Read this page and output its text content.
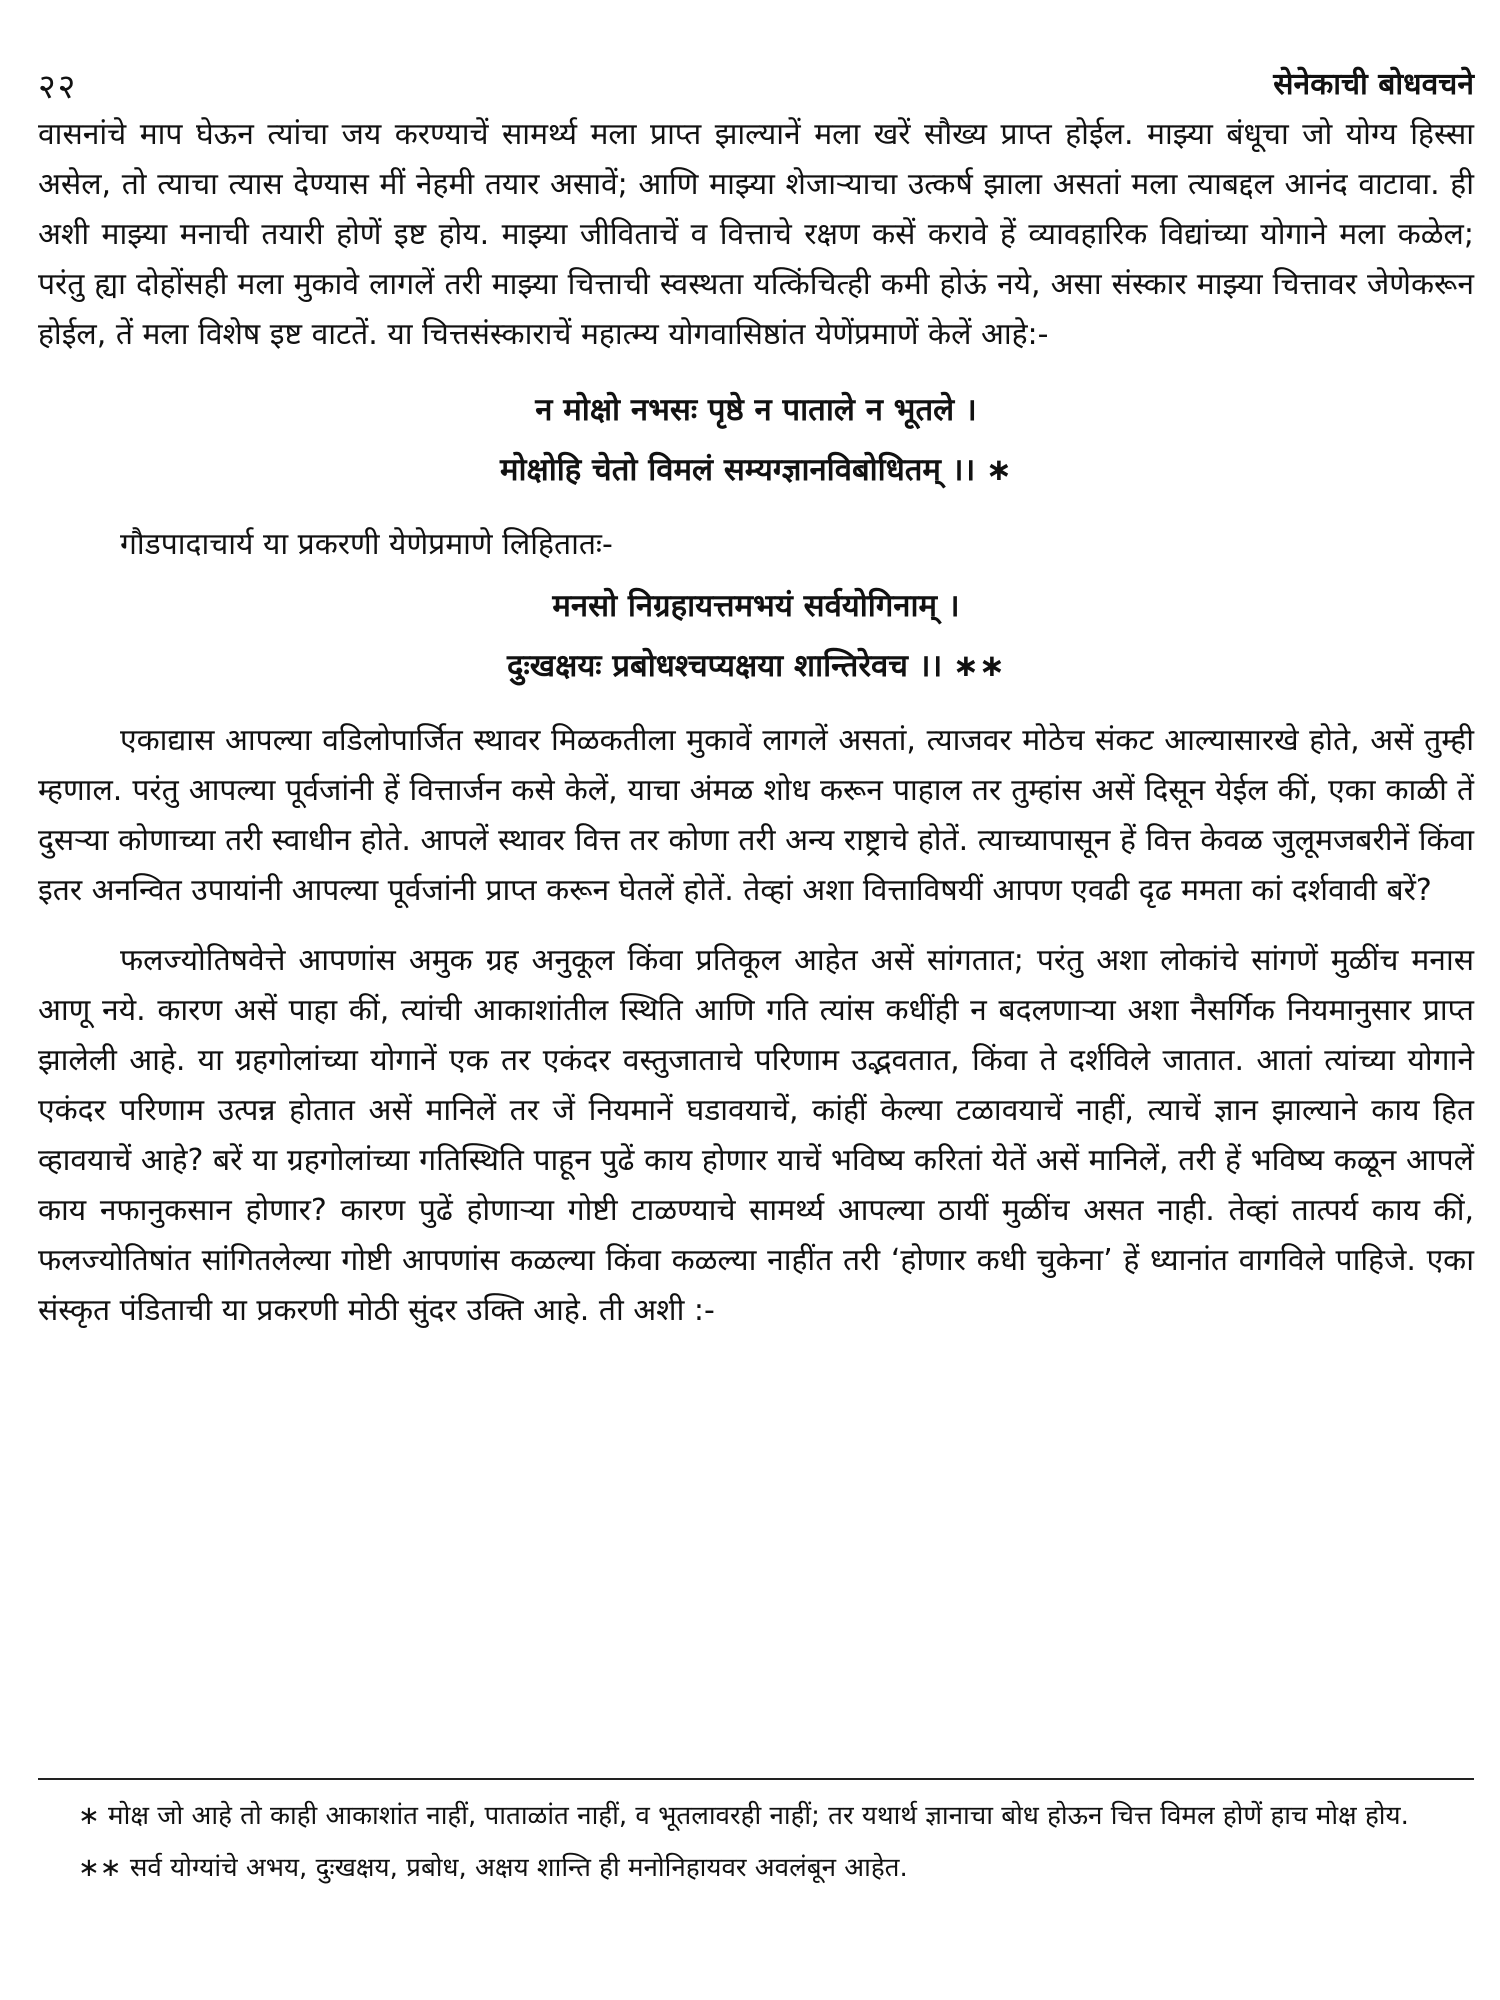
२२	सेनेकाची बोधवचने

वासनांचे माप घेऊन त्यांचा जय करण्याचें सामर्थ्य मला प्राप्त झाल्यानें मला खरें सौख्य प्राप्त होईल. माझ्या बंधूचा जो योग्य हिस्सा असेल, तो त्याचा त्यास देण्यास मीं नेहमी तयार असावें; आणि माझ्या शेजाऱ्याचा उत्कर्ष झाला असतां मला त्याबद्दल आनंद वाटावा. ही अशी माझ्या मनाची तयारी होणें इष्ट होय. माझ्या जीविताचें व वित्ताचे रक्षण कसें करावे हें व्यावहारिक विद्यांच्या योगाने मला कळेल; परंतु ह्या दोहोंसही मला मुकावे लागलें तरी माझ्या चित्ताची स्वस्थता यत्किंचित्ही कमी होऊं नये, असा संस्कार माझ्या चित्तावर जेणेकरून होईल, तें मला विशेष इष्ट वाटतें. या चित्तसंस्काराचें महात्म्य योगवासिष्ठांत येणेंप्रमाणें केलें आहे:-

न मोक्षो नभसः पृष्ठे न पाताले न भूतले ।
मोक्षोहि चेतो विमलं सम्यग्ज्ञानविबोधितम् ।। ∗

गौडपादाचार्य या प्रकरणी येणेप्रमाणे लिहितातः-

मनसो निग्रहायत्तमभयं सर्वयोगिनाम् ।
दुःखक्षयः प्रबोधश्चप्यक्षया शान्तिरेवच ।। ∗∗

एकाद्यास आपल्या वडिलोपार्जित स्थावर मिळकतीला मुकावें लागलें असतां, त्याजवर मोठेच संकट आल्यासारखे होते, असें तुम्ही म्हणाल. परंतु आपल्या पूर्वजांनी हें वित्तार्जन कसे केलें, याचा अंमळ शोध करून पाहाल तर तुम्हांस असें दिसून येईल कीं, एका काळी तें दुसऱ्या कोणाच्या तरी स्वाधीन होते. आपलें स्थावर वित्त तर कोणा तरी अन्य राष्ट्राचे होतें. त्याच्यापासून हें वित्त केवळ जुलूमजबरीनें किंवा इतर अनन्वित उपायांनी आपल्या पूर्वजांनी प्राप्त करून घेतलें होतें. तेव्हां अशा वित्ताविषयीं आपण एवढी दृढ ममता कां दर्शवावी बरें?

फलज्योतिषवेत्ते आपणांस अमुक ग्रह अनुकूल किंवा प्रतिकूल आहेत असें सांगतात; परंतु अशा लोकांचे सांगणें मुळींच मनास आणू नये. कारण असें पाहा कीं, त्यांची आकाशांतील स्थिति आणि गति त्यांस कधींही न बदलणाऱ्या अशा नैसर्गिक नियमानुसार प्राप्त झालेली आहे. या ग्रहगोलांच्या योगानें एक तर एकंदर वस्तुजाताचे परिणाम उद्भवतात, किंवा ते दर्शविले जातात. आतां त्यांच्या योगाने एकंदर परिणाम उत्पन्न होतात असें मानिलें तर जें नियमानें घडावयाचें, कांहीं केल्या टळावयाचें नाहीं, त्याचें ज्ञान झाल्याने काय हित व्हावयाचें आहे? बरें या ग्रहगोलांच्या गतिस्थिति पाहून पुढें काय होणार याचें भविष्य करितां येतें असें मानिलें, तरी हें भविष्य कळून आपलें काय नफानुकसान होणार? कारण पुढें होणाऱ्या गोष्टी टाळण्याचे सामर्थ्य आपल्या ठायीं मुळींच असत नाही. तेव्हां तात्पर्य काय कीं, फलज्योतिषांत सांगितलेल्या गोष्टी आपणांस कळल्या किंवा कळल्या नाहींत तरी ‘होणार कधी चुकेना’ हें ध्यानांत वागविले पाहिजे. एका संस्कृत पंडिताची या प्रकरणी मोठी सुंदर उक्ति आहे. ती अशी :-

∗ मोक्ष जो आहे तो काही आकाशांत नाहीं, पाताळांत नाहीं, व भूतलावरही नाहीं; तर यथार्थ ज्ञानाचा बोध होऊन चित्त विमल होणें हाच मोक्ष होय.

∗∗ सर्व योग्यांचे अभय, दुःखक्षय, प्रबोध, अक्षय शान्ति ही मनोनिहायवर अवलंबून आहेत.
